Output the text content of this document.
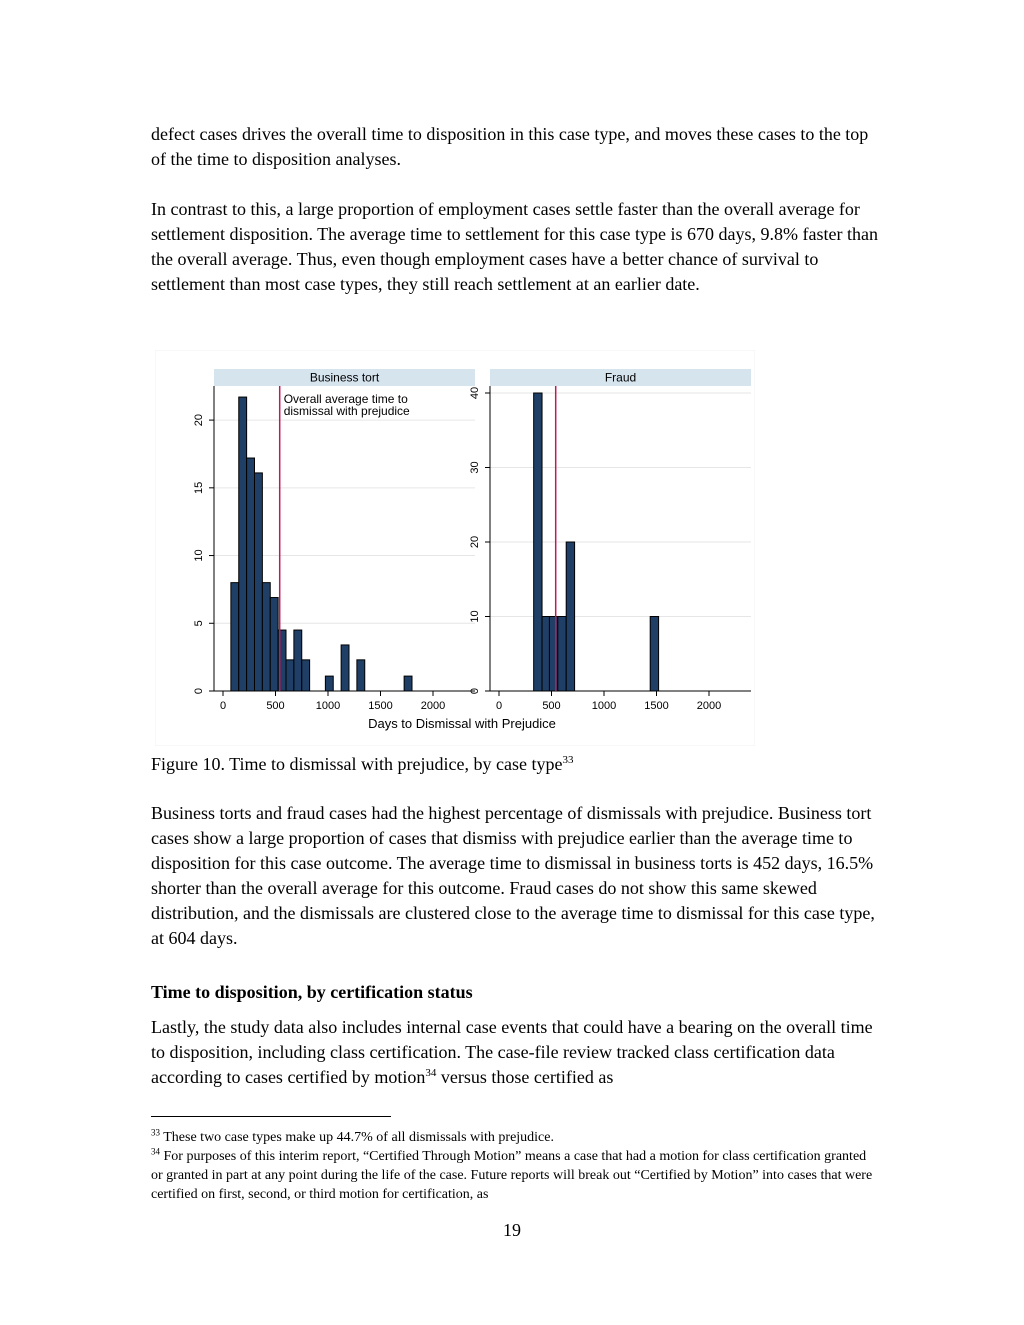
defect cases drives the overall time to disposition in this case type, and moves these cases to the top of the time to disposition analyses.

In contrast to this, a large proportion of employment cases settle faster than the overall average for settlement disposition. The average time to settlement for this case type is 670 days, 9.8% faster than the overall average. Thus, even though employment cases have a better chance of survival to settlement than most case types, they still reach settlement at an earlier date.

Business tort
0
5
10
15
20
0	500	1000	1500	2000
Overall average time to
dismissal with prejudice
Fraud
0
10
20
30
40
0	500	1000	1500	2000
Days to Dismissal with Prejudice
Figure 10. Time to dismissal with prejudice, by case type$^{33}$

Business torts and fraud cases had the highest percentage of dismissals with prejudice. Business tort cases show a large proportion of cases that dismiss with prejudice earlier than the average time to disposition for this case outcome. The average time to dismissal in business torts is 452 days, 16.5% shorter than the overall average for this outcome. Fraud cases do not show this same skewed distribution, and the dismissals are clustered close to the average time to dismissal for this case type, at 604 days.

Time to disposition, by certification status

Lastly, the study data also includes internal case events that could have a bearing on the overall time to disposition, including class certification. The case-file review tracked class certification data according to cases certified by motion$^{34}$ versus those certified as

$^{33}$ These two case types make up 44.7% of all dismissals with prejudice.

$^{34}$ For purposes of this interim report, “Certified Through Motion” means a case that had a motion for class certification granted or granted in part at any point during the life of the case. Future reports will break out “Certified by Motion” into cases that were certified on first, second, or third motion for certification, as

19
